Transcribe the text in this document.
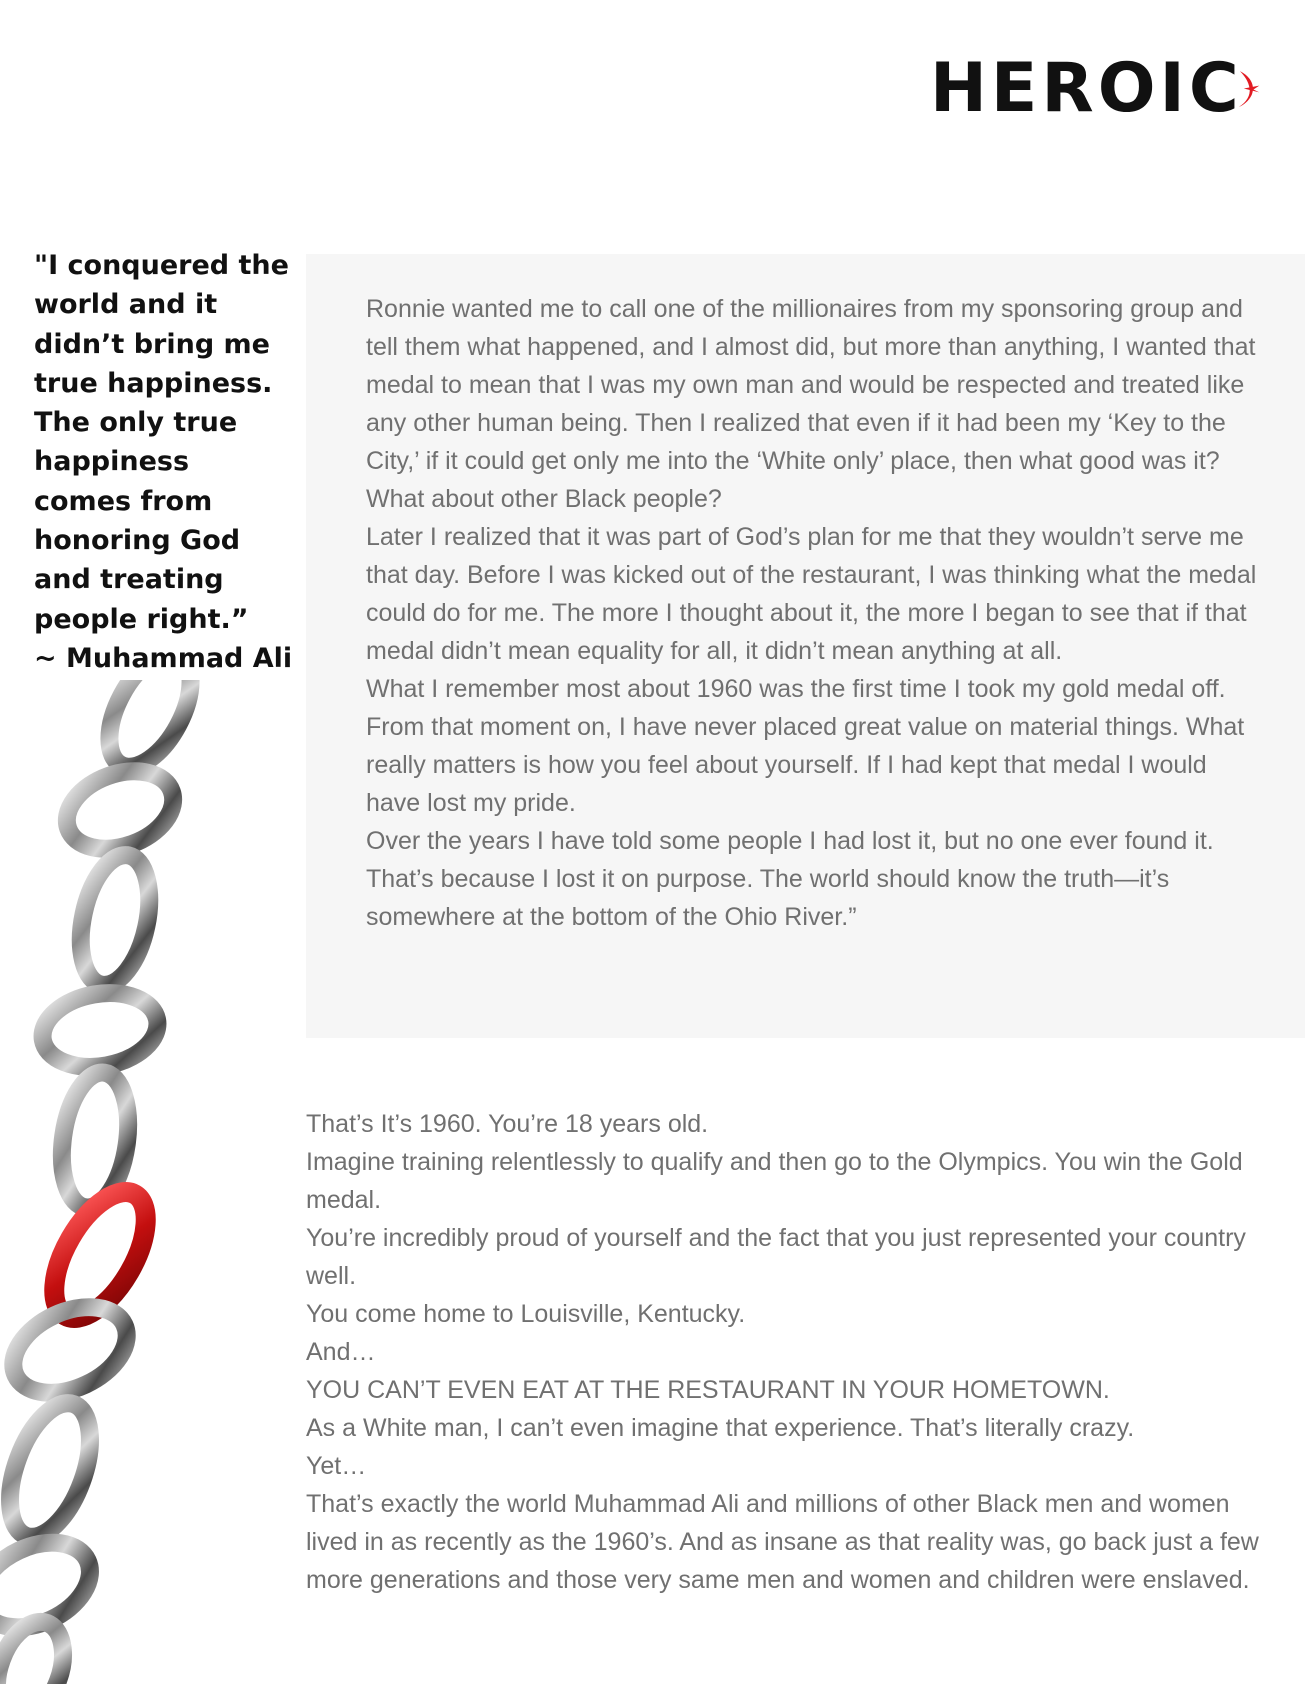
HEROIC

"I conquered the world and it didn’t bring me true happiness. The only true happiness comes from honoring God and treating people right.”

~ Muhammad Ali

Ronnie wanted me to call one of the millionaires from my sponsoring group and tell them what happened, and I almost did, but more than anything, I wanted that medal to mean that I was my own man and would be respected and treated like any other human being. Then I realized that even if it had been my ‘Key to the City,’ if it could get only me into the ‘White only’ place, then what good was it? What about other Black people?

Later I realized that it was part of God’s plan for me that they wouldn’t serve me that day. Before I was kicked out of the restaurant, I was thinking what the medal could do for me. The more I thought about it, the more I began to see that if that medal didn’t mean equality for all, it didn’t mean anything at all.

What I remember most about 1960 was the first time I took my gold medal off. From that moment on, I have never placed great value on material things. What really matters is how you feel about yourself. If I had kept that medal I would have lost my pride.

Over the years I have told some people I had lost it, but no one ever found it. That’s because I lost it on purpose. The world should know the truth—it’s somewhere at the bottom of the Ohio River.”

That’s It’s 1960. You’re 18 years old.

Imagine training relentlessly to qualify and then go to the Olympics. You win the Gold medal.

You’re incredibly proud of yourself and the fact that you just represented your country well.

You come home to Louisville, Kentucky.

And…

YOU CAN’T EVEN EAT AT THE RESTAURANT IN YOUR HOMETOWN.

As a White man, I can’t even imagine that experience. That’s literally crazy.

Yet…

That’s exactly the world Muhammad Ali and millions of other Black men and women lived in as recently as the 1960’s. And as insane as that reality was, go back just a few more generations and those very same men and women and children were enslaved.
